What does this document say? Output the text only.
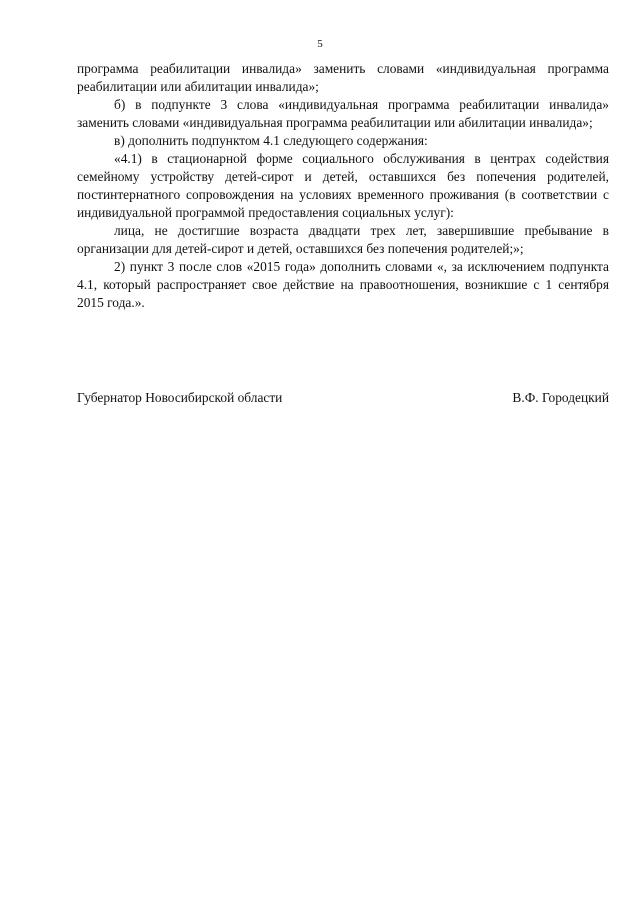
5

программа реабилитации инвалида» заменить словами «индивидуальная программа реабилитации или абилитации инвалида»;

б) в подпункте 3 слова «индивидуальная программа реабилитации инвалида» заменить словами «индивидуальная программа реабилитации или абилитации инвалида»;

в) дополнить подпунктом 4.1 следующего содержания:

«4.1) в стационарной форме социального обслуживания в центрах содействия семейному устройству детей-сирот и детей, оставшихся без попечения родителей, постинтернатного сопровождения на условиях временного проживания (в соответствии с индивидуальной программой предоставления социальных услуг):

лица, не достигшие возраста двадцати трех лет, завершившие пребывание в организации для детей-сирот и детей, оставшихся без попечения родителей;»;

2) пункт 3 после слов «2015 года» дополнить словами «, за исключением подпункта 4.1, который распространяет свое действие на правоотношения, возникшие с 1 сентября 2015 года.».

Губернатор Новосибирской области	В.Ф. Городецкий
